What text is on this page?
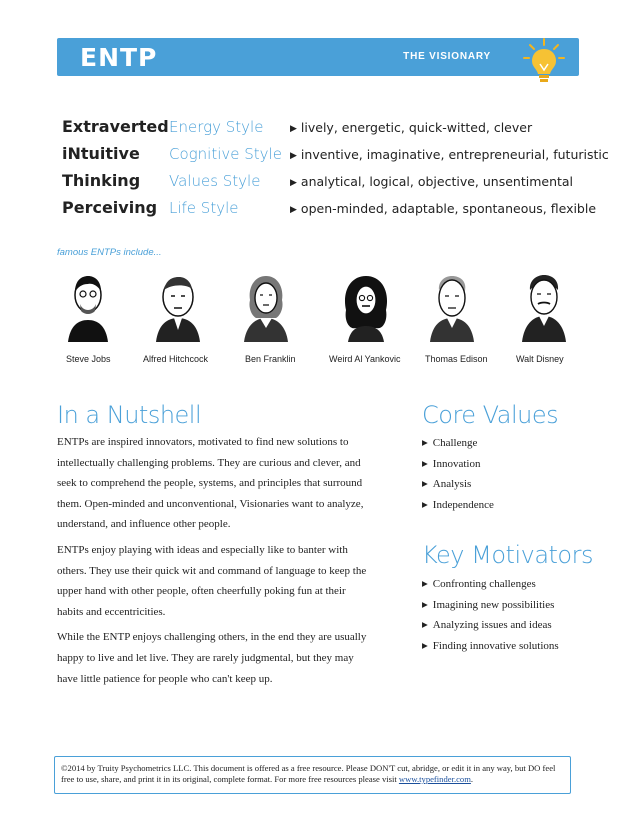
ENTP	THE VISIONARY
Extraverted Energy Style	▶ lively, energetic, quick-witted, clever
iNtuitive Cognitive Style ▶ inventive, imaginative, entrepreneurial, futuristic
Thinking Values Style	▶ analytical, logical, objective, unsentimental
Perceiving Life Style	▶ open-minded, adaptable, spontaneous, flexible
famous ENTPs include...
Steve Jobs	Alfred Hitchcock	Ben Franklin	Weird Al Yankovic	Thomas Edison	Walt Disney
In a Nutshell

ENTPs are inspired innovators, motivated to find new solutions to intellectually challenging problems. They are curious and clever, and seek to comprehend the people, systems, and principles that surround them. Open-minded and unconventional, Visionaries want to analyze, understand, and influence other people.

ENTPs enjoy playing with ideas and especially like to banter with others. They use their quick wit and command of language to keep the upper hand with other people, often cheerfully poking fun at their habits and eccentricities.

While the ENTP enjoys challenging others, in the end they are usually happy to live and let live. They are rarely judgmental, but they may have little patience for people who can't keep up.

Core Values
▶ Challenge
▶ Innovation
▶ Analysis
▶ Independence
Key Motivators
▶ Confronting challenges
▶ Imagining new possibilities
▶ Analyzing issues and ideas
▶ Finding innovative solutions
©2014 by Truity Psychometrics LLC. This document is offered as a free resource. Please DON'T cut, abridge, or edit it in any way, but DO feel free to use, share, and print it in its original, complete format. For more free resources please visit www.typefinder.com.
